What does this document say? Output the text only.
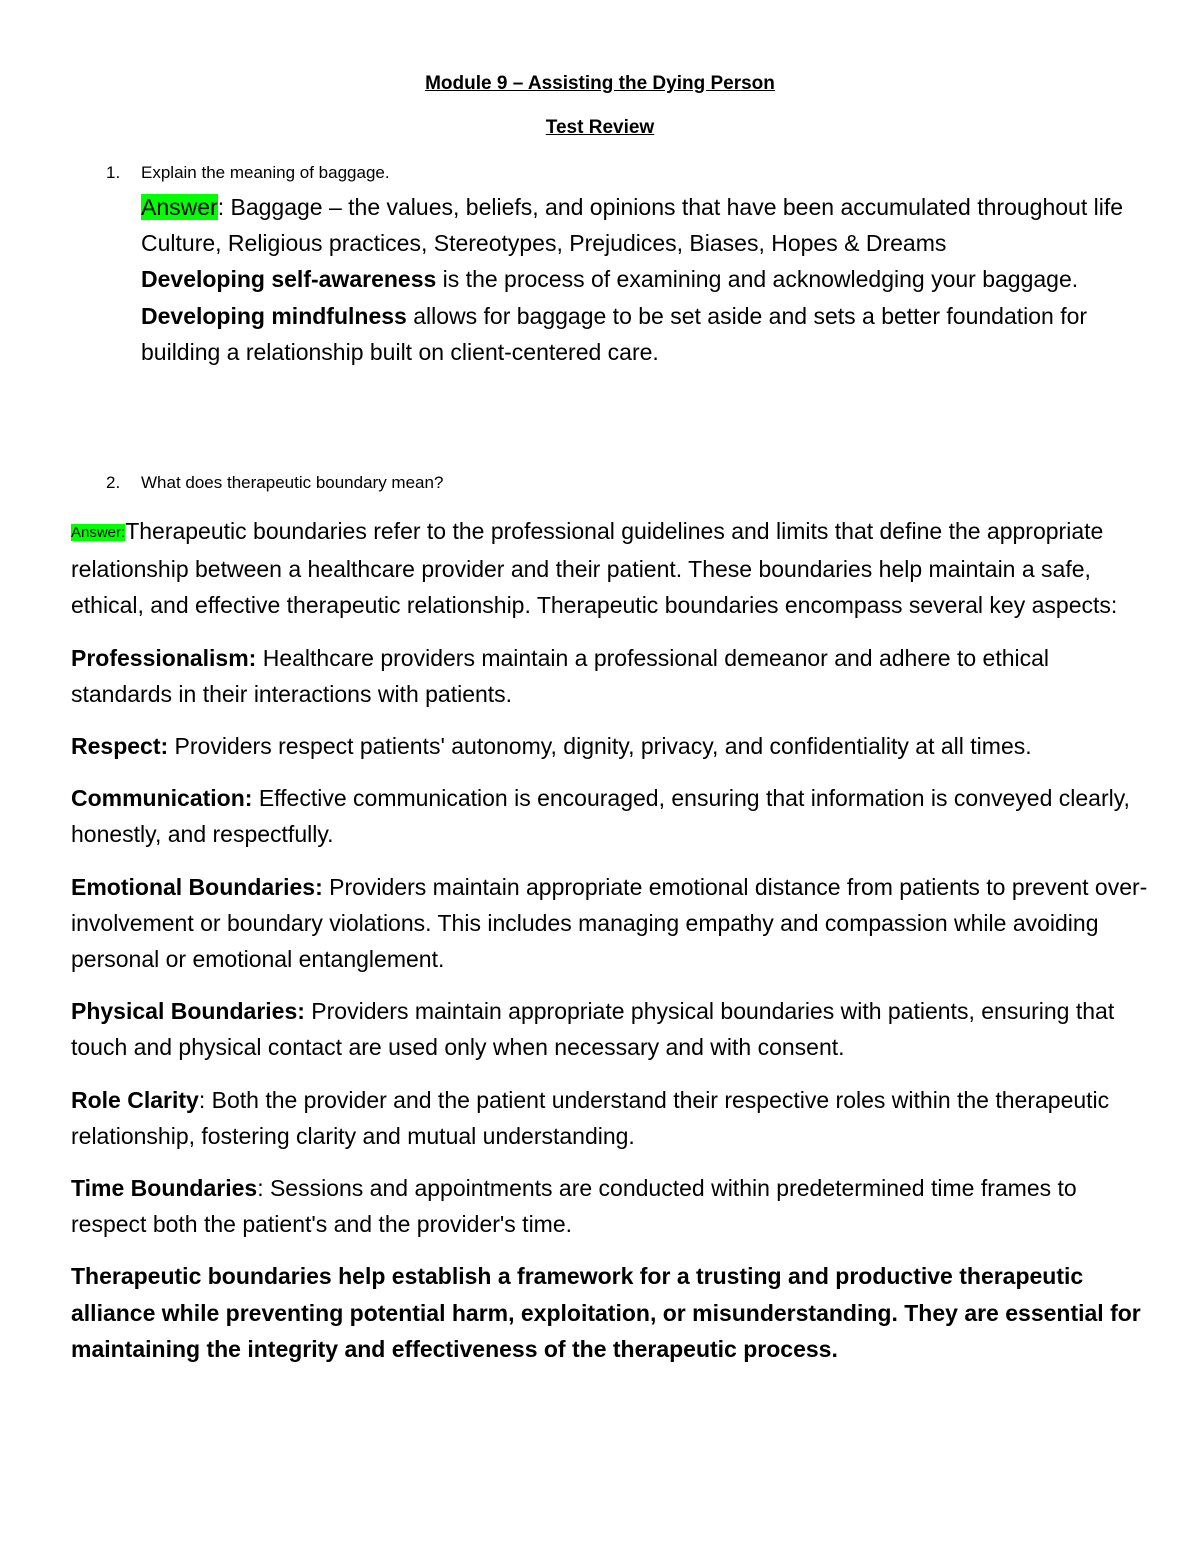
Module 9 – Assisting the Dying Person
Test Review
1. Explain the meaning of baggage.

Answer: Baggage – the values, beliefs, and opinions that have been accumulated throughout life

Culture, Religious practices, Stereotypes, Prejudices, Biases, Hopes & Dreams

Developing self-awareness is the process of examining and acknowledging your baggage.

Developing mindfulness allows for baggage to be set aside and sets a better foundation for building a relationship built on client-centered care.

2. What does therapeutic boundary mean?

Answer:Therapeutic boundaries refer to the professional guidelines and limits that define the appropriate relationship between a healthcare provider and their patient. These boundaries help maintain a safe, ethical, and effective therapeutic relationship. Therapeutic boundaries encompass several key aspects:

Professionalism: Healthcare providers maintain a professional demeanor and adhere to ethical standards in their interactions with patients.

Respect: Providers respect patients' autonomy, dignity, privacy, and confidentiality at all times.

Communication: Effective communication is encouraged, ensuring that information is conveyed clearly, honestly, and respectfully.

Emotional Boundaries: Providers maintain appropriate emotional distance from patients to prevent over-involvement or boundary violations. This includes managing empathy and compassion while avoiding personal or emotional entanglement.

Physical Boundaries: Providers maintain appropriate physical boundaries with patients, ensuring that touch and physical contact are used only when necessary and with consent.

Role Clarity: Both the provider and the patient understand their respective roles within the therapeutic relationship, fostering clarity and mutual understanding.

Time Boundaries: Sessions and appointments are conducted within predetermined time frames to respect both the patient's and the provider's time.

Therapeutic boundaries help establish a framework for a trusting and productive therapeutic alliance while preventing potential harm, exploitation, or misunderstanding. They are essential for maintaining the integrity and effectiveness of the therapeutic process.
